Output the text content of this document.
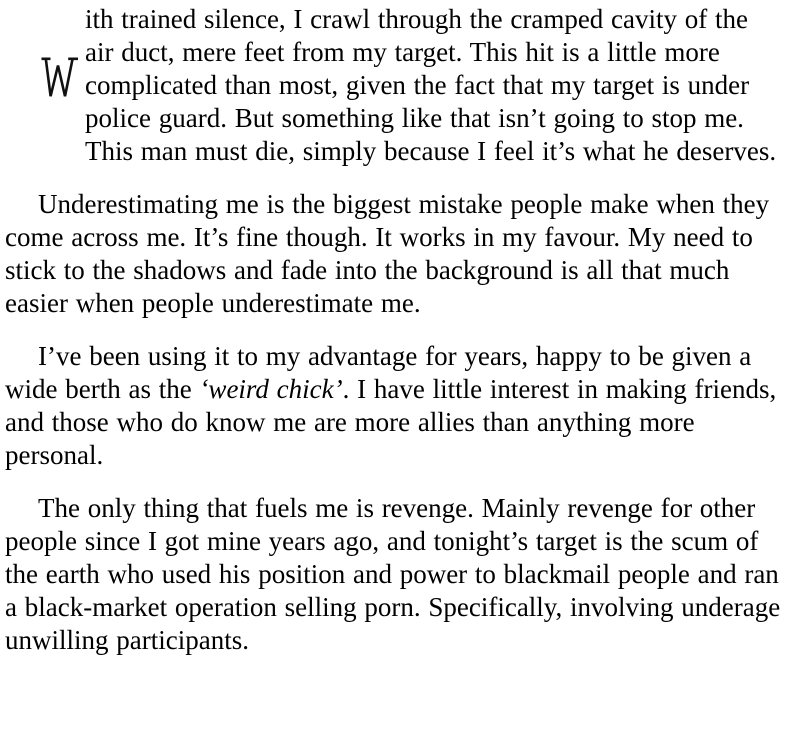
ith trained silence, I crawl through the cramped cavity of the air duct, mere feet from my target. This hit is a little more complicated than most, given the fact that my target is under police guard. But something like that isn’t going to stop me. This man must die, simply because I feel it’s what he deserves.

Underestimating me is the biggest mistake people make when they come across me. It’s fine though. It works in my favour. My need to stick to the shadows and fade into the background is all that much easier when people underestimate me.

I’ve been using it to my advantage for years, happy to be given a wide berth as the ‘weird chick’. I have little interest in making friends, and those who do know me are more allies than anything more personal.

The only thing that fuels me is revenge. Mainly revenge for other people since I got mine years ago, and tonight’s target is the scum of the earth who used his position and power to blackmail people and ran a black-market operation selling porn. Specifically, involving underage unwilling participants.
